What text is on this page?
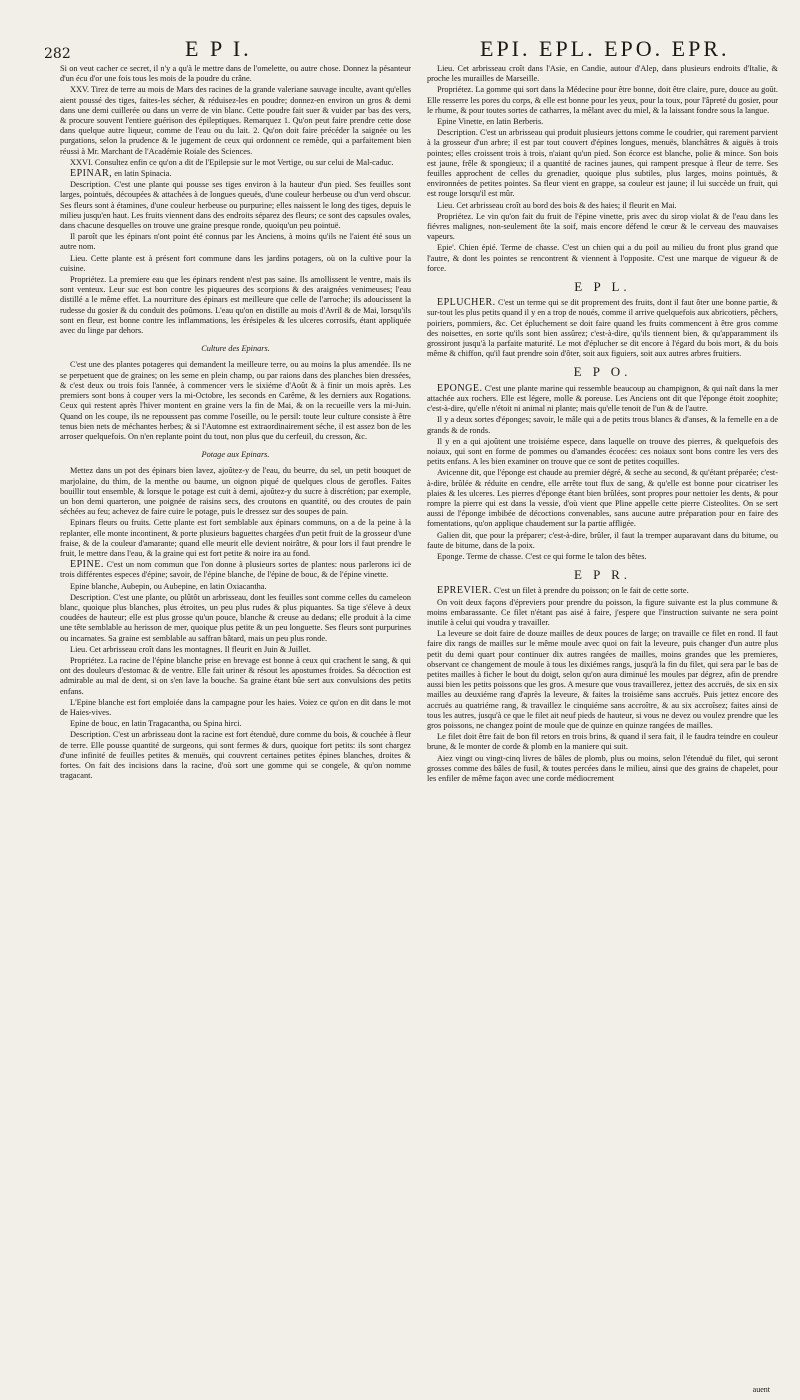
282	E P I.	EPI. EPL. EPO. EPR.

Si on veut cacher ce secret, il n'y a qu'à le mettre dans de l'omelette, ou autre chose. Donnez la pésanteur d'un écu d'or une fois tous les mois de la poudre du crâne.

XXV. Tirez de terre au mois de Mars des racines de la grande valeriane sauvage inculte, avant qu'elles aient poussé des tiges, faites-les sécher, & réduisez-les en poudre; donnez-en environ un gros & demi dans une demi cuillerée ou dans un verre de vin blanc. Cette poudre fait suer & vuider par bas des vers, & procure souvent l'entiere guérison des épileptiques. Remarquez 1. Qu'on peut faire prendre cette dose dans quelque autre liqueur, comme de l'eau ou du lait. 2. Qu'on doit faire précéder la saignée ou les purgations, selon la prudence & le jugement de ceux qui ordonnent ce remède, qui a parfaitement bien réussi à Mr. Marchant de l'Académie Roiale des Sciences.

XXVI. Consultez enfin ce qu'on a dit de l'Epilepsie sur le mot Vertige, ou sur celui de Mal-caduc.

EPINAR, en latin Spinacia.

Description. C'est une plante qui pousse ses tiges environ à la hauteur d'un pied. Ses feuilles sont larges, pointuës, découpées & attachées à de longues queuës, d'une couleur herbeuse ou d'un verd obscur. Ses fleurs sont à étamines, d'une couleur herbeuse ou purpurine; elles naissent le long des tiges, depuis le milieu jusqu'en haut. Les fruits viennent dans des endroits séparez des fleurs; ce sont des capsules ovales, dans chacune desquelles on trouve une graine presque ronde, quoiqu'un peu pointuë.

Il paroît que les épinars n'ont point été connus par les Anciens, à moins qu'ils ne l'aient été sous un autre nom.

Lieu. Cette plante est à présent fort commune dans les jardins potagers, où on la cultive pour la cuisine.

Propriétez. La premiere eau que les épinars rendent n'est pas saine. Ils amollissent le ventre, mais ils sont venteux. Leur suc est bon contre les piqueures des scorpions & des araignées venimeuses; l'eau distillé a le même effet. La nourriture des épinars est meilleure que celle de l'arroche; ils adoucissent la rudesse du gosier & du conduit des poûmons. L'eau qu'on en distille au mois d'Avril & de Mai, lorsqu'ils sont en fleur, est bonne contre les inflammations, les érésipeles & les ulceres corrosifs, étant appliquée avec du linge par dehors.

Culture des Epinars.

C'est une des plantes potageres qui demandent la meilleure terre, ou au moins la plus amendée. Ils ne se perpetuent que de graines; on les seme en plein champ, ou par raions dans des planches bien dressées, & c'est deux ou trois fois l'année, à commencer vers le sixiéme d'Août & à finir un mois après. Les premiers sont bons à couper vers la mi-Octobre, les seconds en Carême, & les derniers aux Rogations. Ceux qui restent après l'hiver montent en graine vers la fin de Mai, & on la recueille vers la mi-Juin. Quand on les coupe, ils ne repoussent pas comme l'oseille, ou le persil: toute leur culture consiste à être tenus bien nets de méchantes herbes; & si l'Automne est extraordinairement séche, il est assez bon de les arroser quelquefois. On n'en replante point du tout, non plus que du cerfeuil, du cresson, &c.

Potage aux Epinars.

Mettez dans un pot des épinars bien lavez, ajoûtez-y de l'eau, du beurre, du sel, un petit bouquet de marjolaine, du thim, de la menthe ou baume, un oignon piqué de quelques clous de gerofles. Faites bouillir tout ensemble, & lorsque le potage est cuit à demi, ajoûtez-y du sucre à discrétion; par exemple, un bon demi quarteron, une poignée de raisins secs, des croutons en quantité, ou des croutes de pain séchées au feu; achevez de faire cuire le potage, puis le dressez sur des soupes de pain.

Epinars fleurs ou fruits. Cette plante est fort semblable aux épinars communs, on a de la peine à la replanter, elle monte incontinent, & porte plusieurs baguettes chargées d'un petit fruit de la grosseur d'une fraise, & de la couleur d'amarante; quand elle meurit elle devient noirâtre, & pour lors il faut prendre le fruit, le mettre dans l'eau, & la graine qui est fort petite & noire ira au fond.

EPINE. C'est un nom commun que l'on donne à plusieurs sortes de plantes: nous parlerons ici de trois différentes especes d'épine; savoir, de l'épine blanche, de l'épine de bouc, & de l'épine vinette.

Epine blanche, Aubepin, ou Aubepine, en latin Oxiacantha.

Description. C'est une plante, ou plûtôt un arbrisseau, dont les feuilles sont comme celles du cameleon blanc, quoique plus blanches, plus étroites, un peu plus rudes & plus piquantes. Sa tige s'éleve à deux coudées de hauteur; elle est plus grosse qu'un pouce, blanche & creuse au dedans; elle produit à la cime une tête semblable au herisson de mer, quoique plus petite & un peu longuette. Ses fleurs sont purpurines ou incarnates. Sa graine est semblable au saffran bâtard, mais un peu plus ronde.

Lieu. Cet arbrisseau croît dans les montagnes. Il fleurit en Juin & Juillet.

Propriétez. La racine de l'épine blanche prise en brevage est bonne à ceux qui crachent le sang, & qui ont des douleurs d'estomac & de ventre. Elle fait uriner & résout les apostumes froides. Sa décoction est admirable au mal de dent, si on s'en lave la bouche. Sa graine étant bûe sert aux convulsions des petits enfans.

L'Epine blanche est fort emploiée dans la campagne pour les haies. Voiez ce qu'on en dit dans le mot de Haies-vives.

Epine de bouc, en latin Tragacantha, ou Spina hirci.

Description. C'est un arbrisseau dont la racine est fort étenduë, dure comme du bois, & couchée à fleur de terre. Elle pousse quantité de surgeons, qui sont fermes & durs, quoique fort petits: ils sont chargez d'une infinité de feuilles petites & menuës, qui couvrent certaines petites épines blanches, droites & fortes. On fait des incisions dans la racine, d'où sort une gomme qui se congele, & qu'on nomme tragacant.

Lieu. Cet arbrisseau croît dans l'Asie, en Candie, autour d'Alep, dans plusieurs endroits d'Italie, & proche les murailles de Marseille.

Propriétez. La gomme qui sort dans la Médecine pour être bonne, doit être claire, pure, douce au goût. Elle resserre les pores du corps, & elle est bonne pour les yeux, pour la toux, pour l'âpreté du gosier, pour le rhume, & pour toutes sortes de catharres, la mêlant avec du miel, & la laissant fondre sous la langue.

Epine Vinette, en latin Berberis.

Description. C'est un arbrisseau qui produit plusieurs jettons comme le coudrier, qui rarement parvient à la grosseur d'un arbre; il est par tout couvert d'épines longues, menuës, blanchâtres & aiguës à trois pointes; elles croissent trois à trois, n'aiant qu'un pied. Son écorce est blanche, polie & mince. Son bois est jaune, frêle & spongieux; il a quantité de racines jaunes, qui rampent presque à fleur de terre. Ses feuilles approchent de celles du grenadier, quoique plus subtiles, plus larges, moins pointuës, & environnées de petites pointes. Sa fleur vient en grappe, sa couleur est jaune; il lui succède un fruit, qui est rouge lorsqu'il est mûr.

Lieu. Cet arbrisseau croît au bord des bois & des haies; il fleurit en Mai.

Propriétez. Le vin qu'on fait du fruit de l'épine vinette, pris avec du sirop violat & de l'eau dans les fiévres malignes, non-seulement ôte la soif, mais encore défend le cœur & le cerveau des mauvaises vapeurs.

Epie'. Chien épié. Terme de chasse. C'est un chien qui a du poil au milieu du front plus grand que l'autre, & dont les pointes se rencontrent & viennent à l'opposite. C'est une marque de vigueur & de force.

E P L.

EPLUCHER. C'est un terme qui se dit proprement des fruits, dont il faut ôter une bonne partie, & sur-tout les plus petits quand il y en a trop de noués, comme il arrive quelquefois aux abricotiers, pêchers, poiriers, pommiers, &c. Cet épluchement se doit faire quand les fruits commencent à être gros comme des noisettes, en sorte qu'ils sont bien assûrez; c'est-à-dire, qu'ils tiennent bien, & qu'apparamment ils grossiront jusqu'à la parfaite maturité. Le mot d'éplucher se dit encore à l'égard du bois mort, & du bois même & chiffon, qu'il faut prendre soin d'ôter, soit aux figuiers, soit aux autres arbres fruitiers.

E P O.

EPONGE. C'est une plante marine qui ressemble beaucoup au champignon, & qui naît dans la mer attachée aux rochers. Elle est légere, molle & poreuse. Les Anciens ont dit que l'éponge étoit zoophite; c'est-à-dire, qu'elle n'étoit ni animal ni plante; mais qu'elle tenoit de l'un & de l'autre.

Il y a deux sortes d'éponges; savoir, le mâle qui a de petits trous blancs & d'anses, & la femelle en a de grands & de ronds.

Il y en a qui ajoûtent une troisiéme espece, dans laquelle on trouve des pierres, & quelquefois des noiaux, qui sont en forme de pommes ou d'amandes écocées: ces noiaux sont bons contre les vers des petits enfans. A les bien examiner on trouve que ce sont de petites coquilles.

Avicenne dit, que l'éponge est chaude au premier dégré, & seche au second, & qu'étant préparée; c'est-à-dire, brûlée & réduite en cendre, elle arrête tout flux de sang, & qu'elle est bonne pour cicatriser les plaies & les ulceres. Les pierres d'éponge étant bien brûlées, sont propres pour nettoier les dents, & pour rompre la pierre qui est dans la vessie, d'où vient que Pline appelle cette pierre Cisteolites. On se sert aussi de l'éponge imbibée de décoctions convenables, sans aucune autre préparation pour en faire des fomentations, qu'on applique chaudement sur la partie affligée.

Galien dit, que pour la préparer; c'est-à-dire, brûler, il faut la tremper auparavant dans du bitume, ou faute de bitume, dans de la poix.

Eponge. Terme de chasse. C'est ce qui forme le talon des bêtes.

E P R.

EPREVIER. C'est un filet à prendre du poisson; on le fait de cette sorte.

On voit deux façons d'épreviers pour prendre du poisson, la figure suivante est la plus commune & moins embarassante. Ce filet n'étant pas aisé à faire, j'espere que l'instruction suivante ne sera point inutile à celui qui voudra y travailler.

La leveure se doit faire de douze mailles de deux pouces de large; on travaille ce filet en rond. Il faut faire dix rangs de mailles sur le même moule avec quoi on fait la leveure, puis changer d'un autre plus petit du demi quart pour continuer dix autres rangées de mailles, moins grandes que les premieres, observant ce changement de moule à tous les dixiémes rangs, jusqu'à la fin du filet, qui sera par le bas de petites mailles à ficher le bout du doigt, selon qu'on aura diminué les moules par dégrez, afin de prendre aussi bien les petits poissons que les gros. A mesure que vous travaillerez, jettez des accruës, de six en six mailles au deuxiéme rang d'après la leveure, & faites la troisiéme sans accruës. Puis jettez encore des accruës au quatriéme rang, & travaillez le cinquiéme sans accroître, & au six accroîsez; faites ainsi de tous les autres, jusqu'à ce que le filet ait neuf pieds de hauteur, si vous ne devez ou voulez prendre que les gros poissons, ne changez point de moule que de quinze en quinze rangées de mailles.

Le filet doit être fait de bon fil retors en trois brins, & quand il sera fait, il le faudra teindre en couleur brune, & le monter de corde & plomb en la maniere qui suit.

Aiez vingt ou vingt-cinq livres de bâles de plomb, plus ou moins, selon l'étenduë du filet, qui seront grosses comme des bâles de fusil, & toutes percées dans le milieu, ainsi que des grains de chapelet, pour les enfiler de même façon avec une corde médiocrement

auent
